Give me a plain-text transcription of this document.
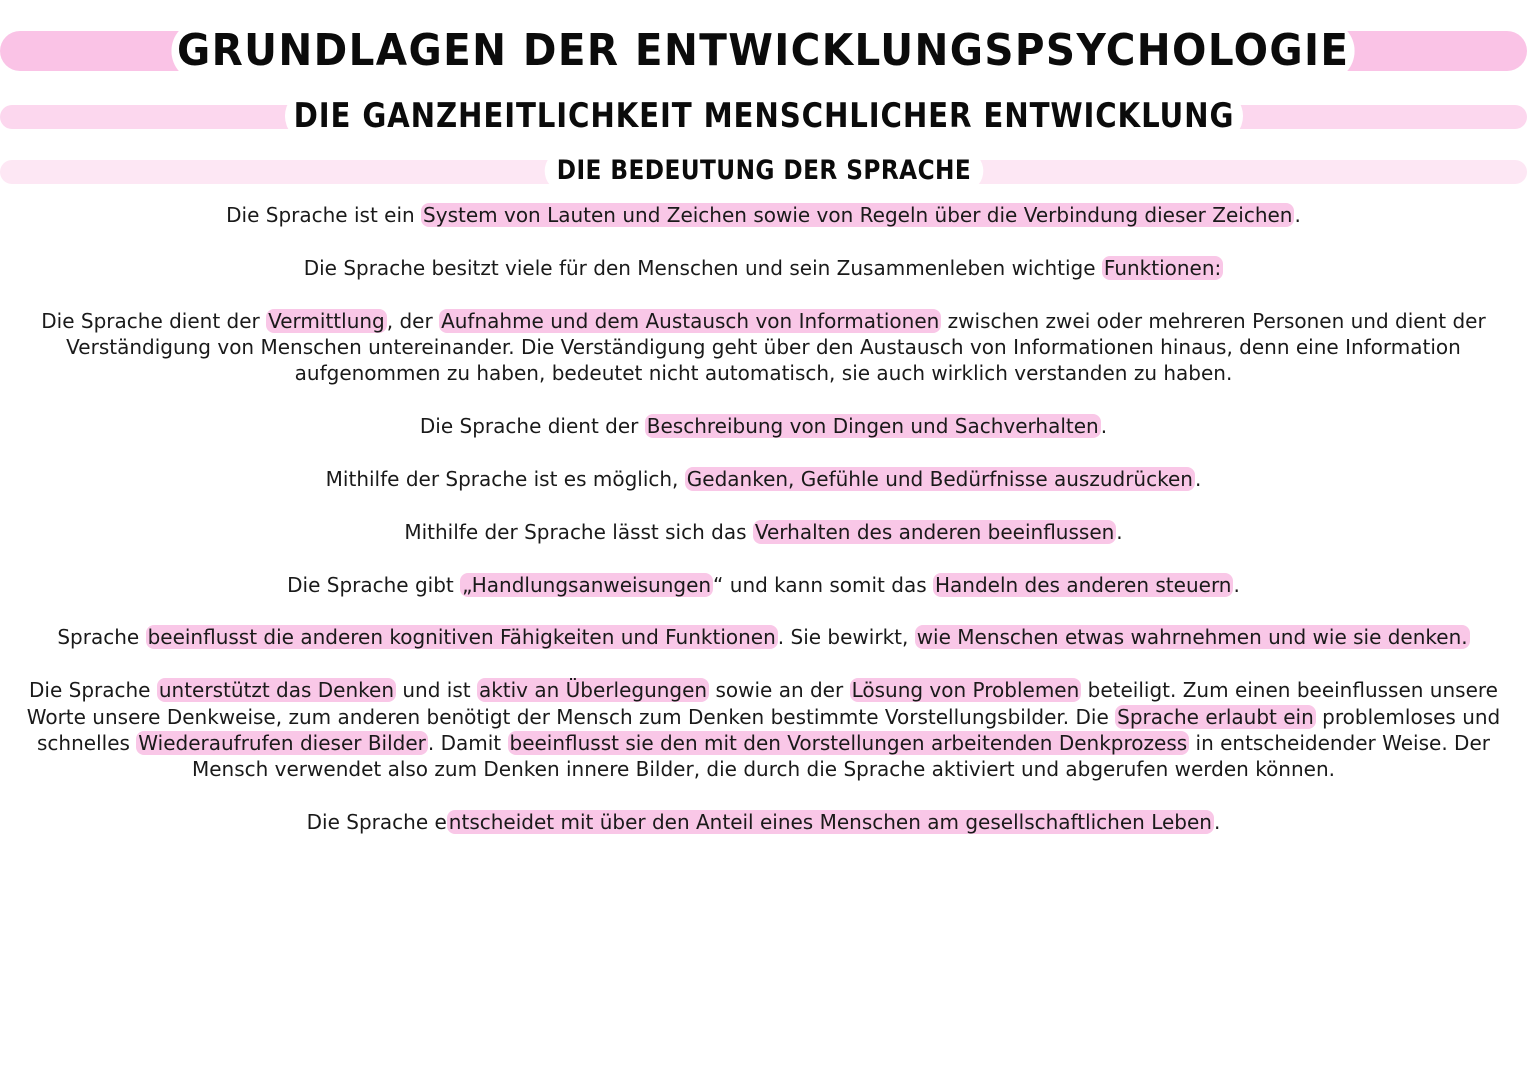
GRUNDLAGEN DER ENTWICKLUNGSPSYCHOLOGIE
DIE GANZHEITLICHKEIT MENSCHLICHER ENTWICKLUNG
DIE BEDEUTUNG DER SPRACHE

Die Sprache ist ein System von Lauten und Zeichen sowie von Regeln über die Verbindung dieser Zeichen .

Die Sprache besitzt viele für den Menschen und sein Zusammenleben wichtige Funktionen:

Die Sprache dient der Vermittlung , der Aufnahme und dem Austausch von Informationen zwischen zwei oder mehreren Personen und dient der Verständigung von Menschen untereinander. Die Verständigung geht über den Austausch von Informationen hinaus, denn eine Information aufgenommen zu haben, bedeutet nicht automatisch, sie auch wirklich verstanden zu haben.

Die Sprache dient der Beschreibung von Dingen und Sachverhalten .

Mithilfe der Sprache ist es möglich, Gedanken, Gefühle und Bedürfnisse auszudrücken .

Mithilfe der Sprache lässt sich das Verhalten des anderen beeinflussen .

Die Sprache gibt „Handlungsanweisungen “ und kann somit das Handeln des anderen steuern .

Sprache beeinflusst die anderen kognitiven Fähigkeiten und Funktionen . Sie bewirkt, wie Menschen etwas wahrnehmen und wie sie denken.

Die Sprache unterstützt das Denken und ist aktiv an Überlegungen sowie an der Lösung von Problemen beteiligt. Zum einen beeinflussen unsere Worte unsere Denkweise, zum anderen benötigt der Mensch zum Denken bestimmte Vorstellungsbilder. Die Sprache erlaubt ein problemloses und schnelles Wiederaufrufen dieser Bilder . Damit beeinflusst sie den mit den Vorstellungen arbeitenden Denkprozess in entscheidender Weise. Der Mensch verwendet also zum Denken innere Bilder, die durch die Sprache aktiviert und abgerufen werden können.

Die Sprache e ntscheidet mit über den Anteil eines Menschen am gesellschaftlichen Leben .
